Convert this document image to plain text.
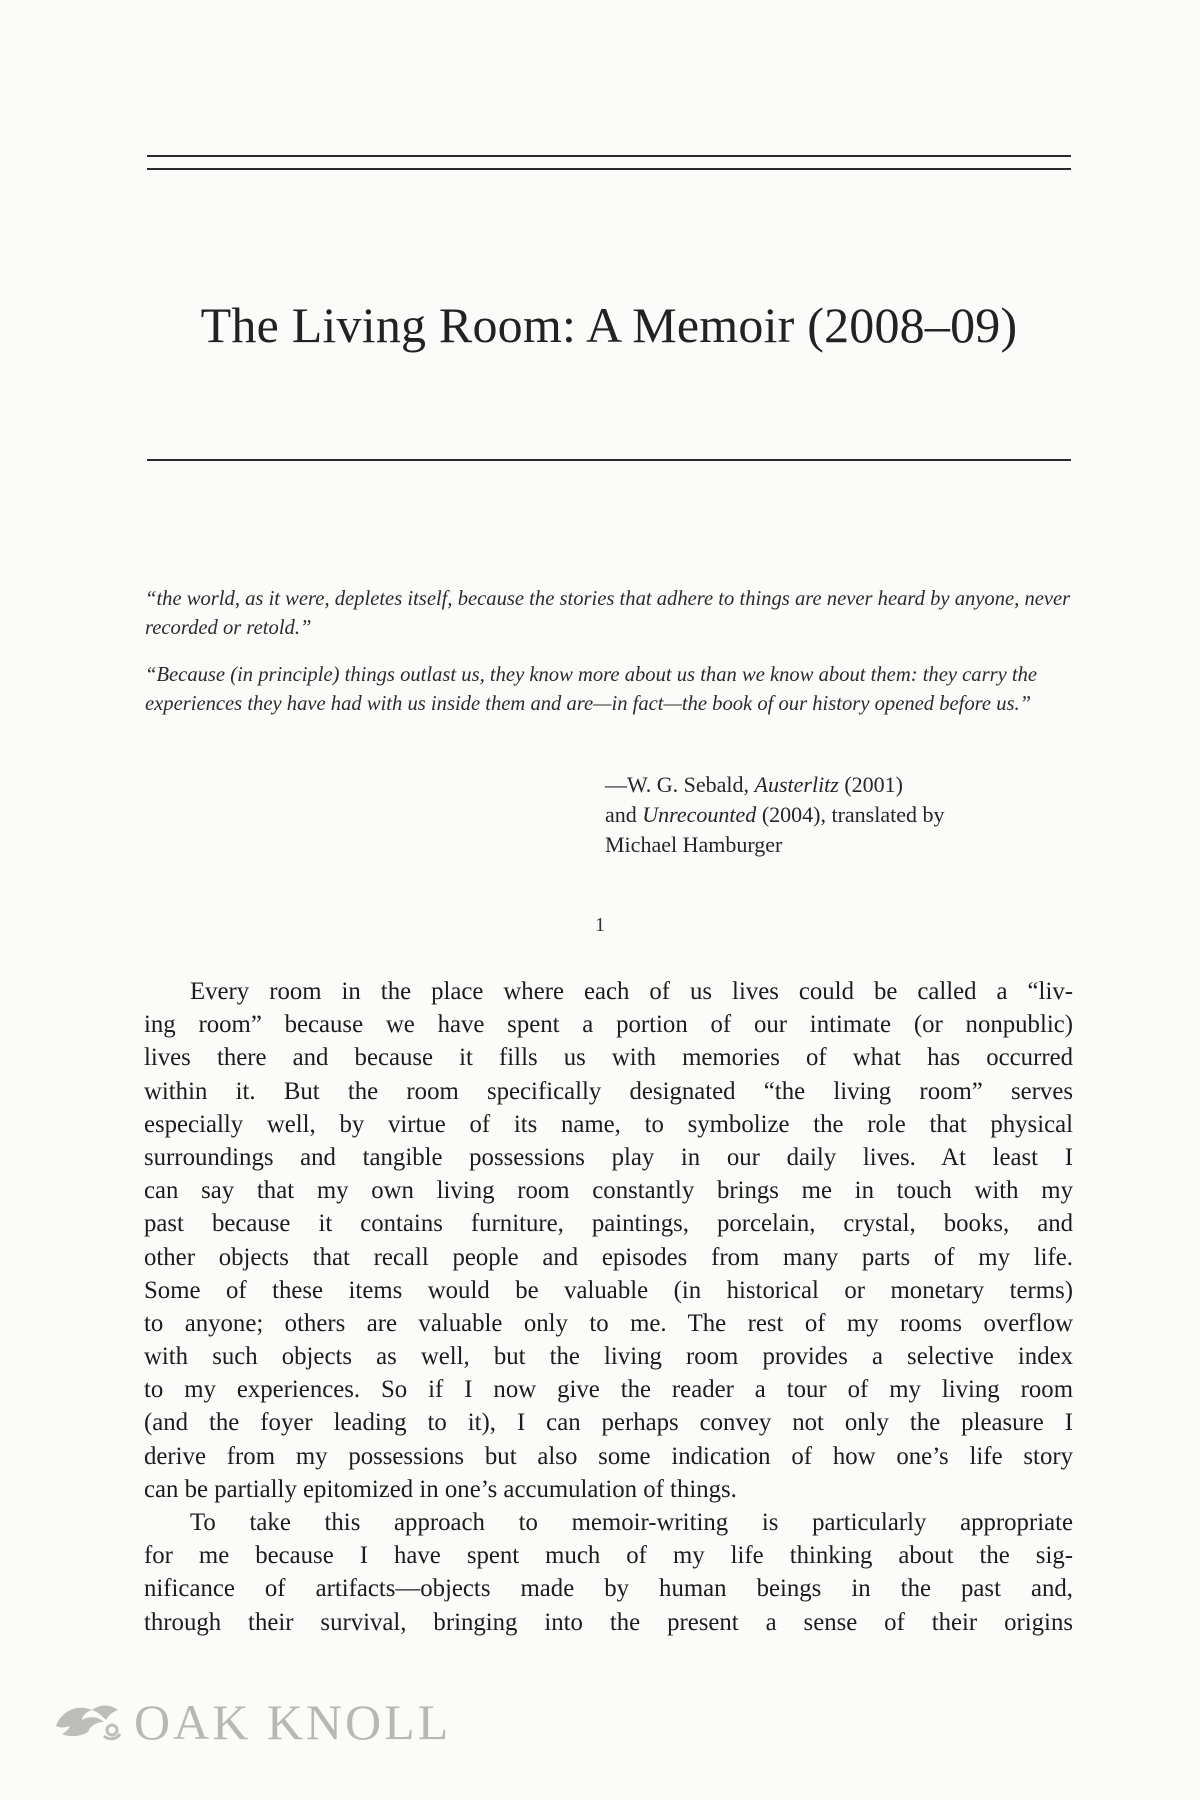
The Living Room: A Memoir (2008–09)

“the world, as it were, depletes itself, because the stories that adhere to things are never heard by anyone, never recorded or retold.”

“Because (in principle) things outlast us, they know more about us than we know about them: they carry the experiences they have had with us inside them and are—in fact—the book of our history opened before us.”

—W. G. Sebald, Austerlitz (2001)
and Unrecounted (2004), translated by
Michael Hamburger

1

Every room in the place where each of us lives could be called a “liv-
ing room” because we have spent a portion of our intimate (or nonpublic)
lives there and because it fills us with memories of what has occurred
within it. But the room specifically designated “the living room” serves
especially well, by virtue of its name, to symbolize the role that physical
surroundings and tangible possessions play in our daily lives. At least I
can say that my own living room constantly brings me in touch with my
past because it contains furniture, paintings, porcelain, crystal, books, and
other objects that recall people and episodes from many parts of my life.
Some of these items would be valuable (in historical or monetary terms)
to anyone; others are valuable only to me. The rest of my rooms overflow
with such objects as well, but the living room provides a selective index
to my experiences. So if I now give the reader a tour of my living room
(and the foyer leading to it), I can perhaps convey not only the pleasure I
derive from my possessions but also some indication of how one’s life story
can be partially epitomized in one’s accumulation of things.
To take this approach to memoir-writing is particularly appropriate
for me because I have spent much of my life thinking about the sig-
nificance of artifacts—objects made by human beings in the past and,
through their survival, bringing into the present a sense of their origins
OAK KNOLL
